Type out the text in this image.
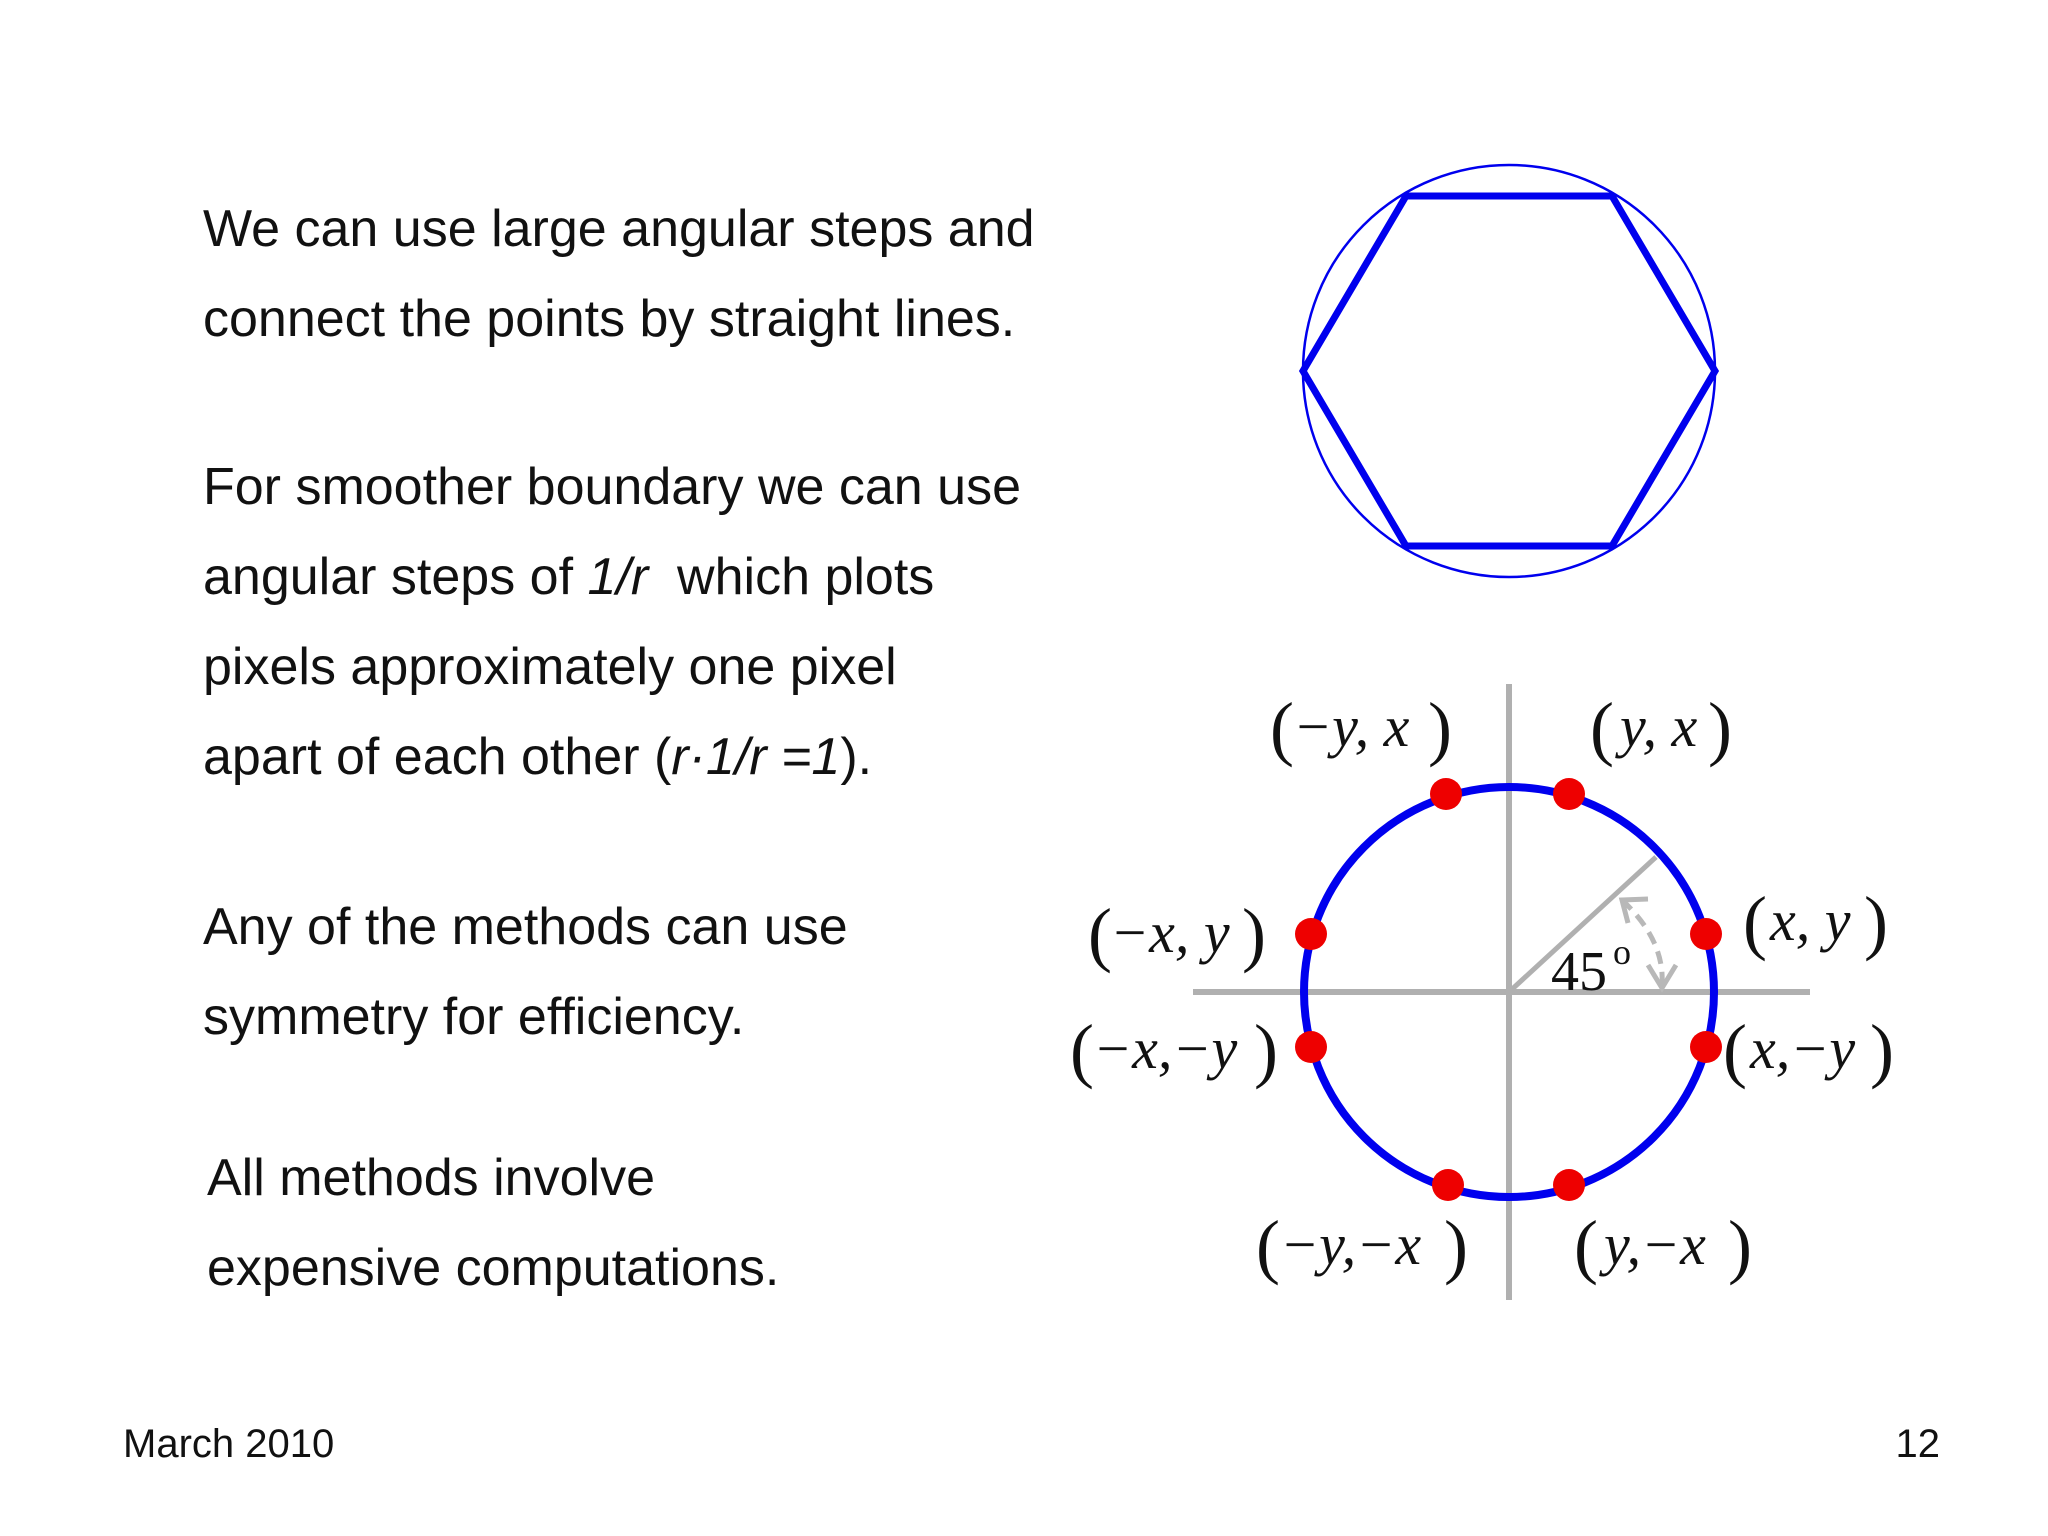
We can use large angular steps and
connect the points by straight lines.
For smoother boundary we can use
angular steps of 1/r  which plots
pixels approximately one pixel
apart of each other (r·1/r =1).
Any of the methods can use
symmetry for efficiency.
All methods involve
expensive computations.
45 o
( −y, x ) ( y, x )
(
−x, y )	( x, y )
( −x,−y )	( x,−y )
( −y,−x ) ( y,−x )
March 2010	12
